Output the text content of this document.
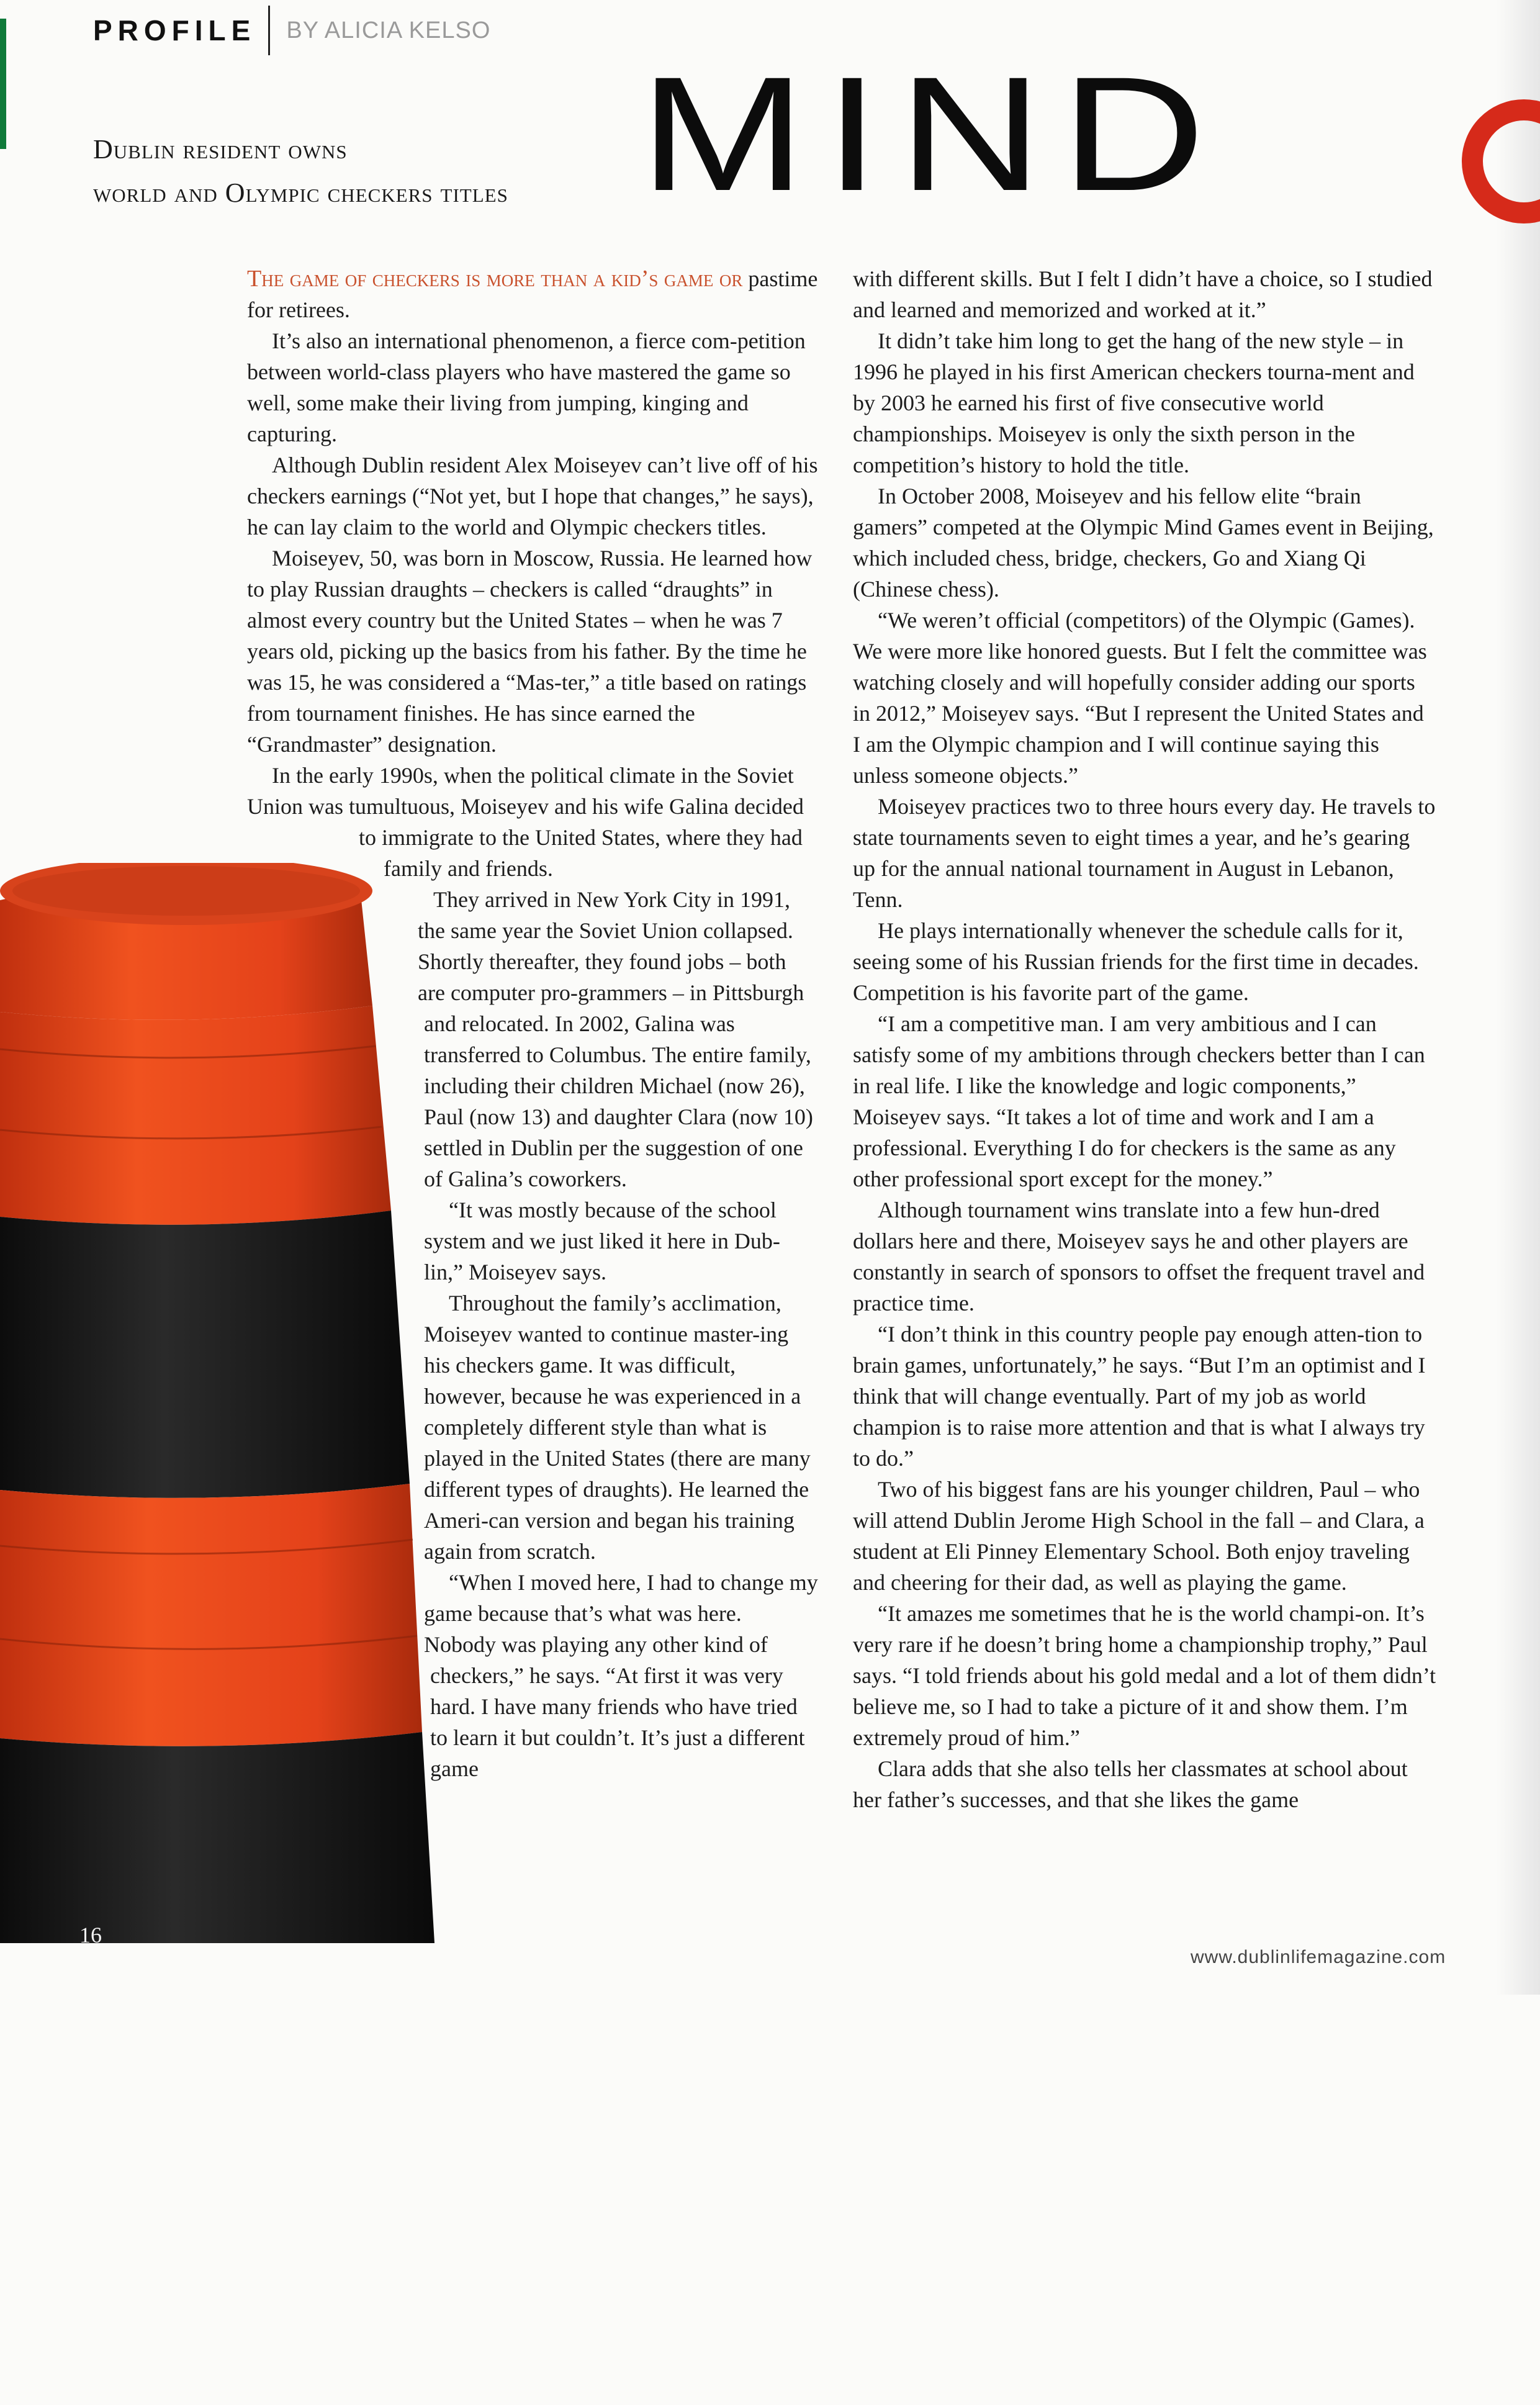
PROFILE BY ALICIA KELSO
Dublin resident owns
world and Olympic checkers titles MIND

The game of checkers is more than a kid’s game or pastime for retirees.

It’s also an international phenomenon, a fierce com-petition between world-class players who have mastered the game so well, some make their living from jumping, kinging and capturing.

Although Dublin resident Alex Moiseyev can’t live off of his checkers earnings (“Not yet, but I hope that changes,” he says), he can lay claim to the world and Olympic checkers titles.

Moiseyev, 50, was born in Moscow, Russia. He learned how to play Russian draughts – checkers is called “draughts” in almost every country but the United States – when he was 7 years old, picking up the basics from his father. By the time he was 15, he was considered a “Mas-ter,” a title based on ratings from tournament finishes. He has since earned the “Grandmaster” designation.

In the early 1990s, when the political climate in the Soviet Union was tumultuous, Moiseyev and his wife Galina decided to immigrate to the United States, where they had family and friends.

They arrived in New York City in 1991, the same year the Soviet Union collapsed. Shortly thereafter, they found jobs – both are computer pro-grammers – in Pittsburgh and relocated. In 2002, Galina was transferred to Columbus. The entire family, including their children Michael (now 26), Paul (now 13) and daughter Clara (now 10) settled in Dublin per the suggestion of one of Galina’s coworkers.

“It was mostly because of the school system and we just liked it here in Dub-lin,” Moiseyev says.

Throughout the family’s acclimation, Moiseyev wanted to continue master-ing his checkers game. It was difficult, however, because he was experienced in a completely different style than what is played in the United States (there are many different types of draughts). He learned the Ameri-can version and began his training again from scratch.

“When I moved here, I had to change my game because that’s what was here. Nobody was playing any other kind of checkers,” he says. “At first it was very hard. I have many friends who have tried to learn it but couldn’t. It’s just a different game

with different skills. But I felt I didn’t have a choice, so I studied and learned and memorized and worked at it.”

It didn’t take him long to get the hang of the new style – in 1996 he played in his first American checkers tourna-ment and by 2003 he earned his first of five consecutive world championships. Moiseyev is only the sixth person in the competition’s history to hold the title.

In October 2008, Moiseyev and his fellow elite “brain gamers” competed at the Olympic Mind Games event in Beijing, which included chess, bridge, checkers, Go and Xiang Qi (Chinese chess).

“We weren’t official (competitors) of the Olympic (Games). We were more like honored guests. But I felt the committee was watching closely and will hopefully consider adding our sports in 2012,” Moiseyev says. “But I represent the United States and I am the Olympic champion and I will continue saying this unless someone objects.”

Moiseyev practices two to three hours every day. He travels to state tournaments seven to eight times a year, and he’s gearing up for the annual national tournament in August in Lebanon, Tenn.

He plays internationally whenever the schedule calls for it, seeing some of his Russian friends for the first time in decades. Competition is his favorite part of the game.

“I am a competitive man. I am very ambitious and I can satisfy some of my ambitions through checkers better than I can in real life. I like the knowledge and logic components,” Moiseyev says. “It takes a lot of time and work and I am a professional. Everything I do for checkers is the same as any other professional sport except for the money.”

Although tournament wins translate into a few hun-dred dollars here and there, Moiseyev says he and other players are constantly in search of sponsors to offset the frequent travel and practice time.

“I don’t think in this country people pay enough atten-tion to brain games, unfortunately,” he says. “But I’m an optimist and I think that will change eventually. Part of my job as world champion is to raise more attention and that is what I always try to do.”

Two of his biggest fans are his younger children, Paul – who will attend Dublin Jerome High School in the fall – and Clara, a student at Eli Pinney Elementary School. Both enjoy traveling and cheering for their dad, as well as playing the game.

“It amazes me sometimes that he is the world champi-on. It’s very rare if he doesn’t bring home a championship trophy,” Paul says. “I told friends about his gold medal and a lot of them didn’t believe me, so I had to take a picture of it and show them. I’m extremely proud of him.”

Clara adds that she also tells her classmates at school about her father’s successes, and that she likes the game

16
www.dublinlifemagazine.com
